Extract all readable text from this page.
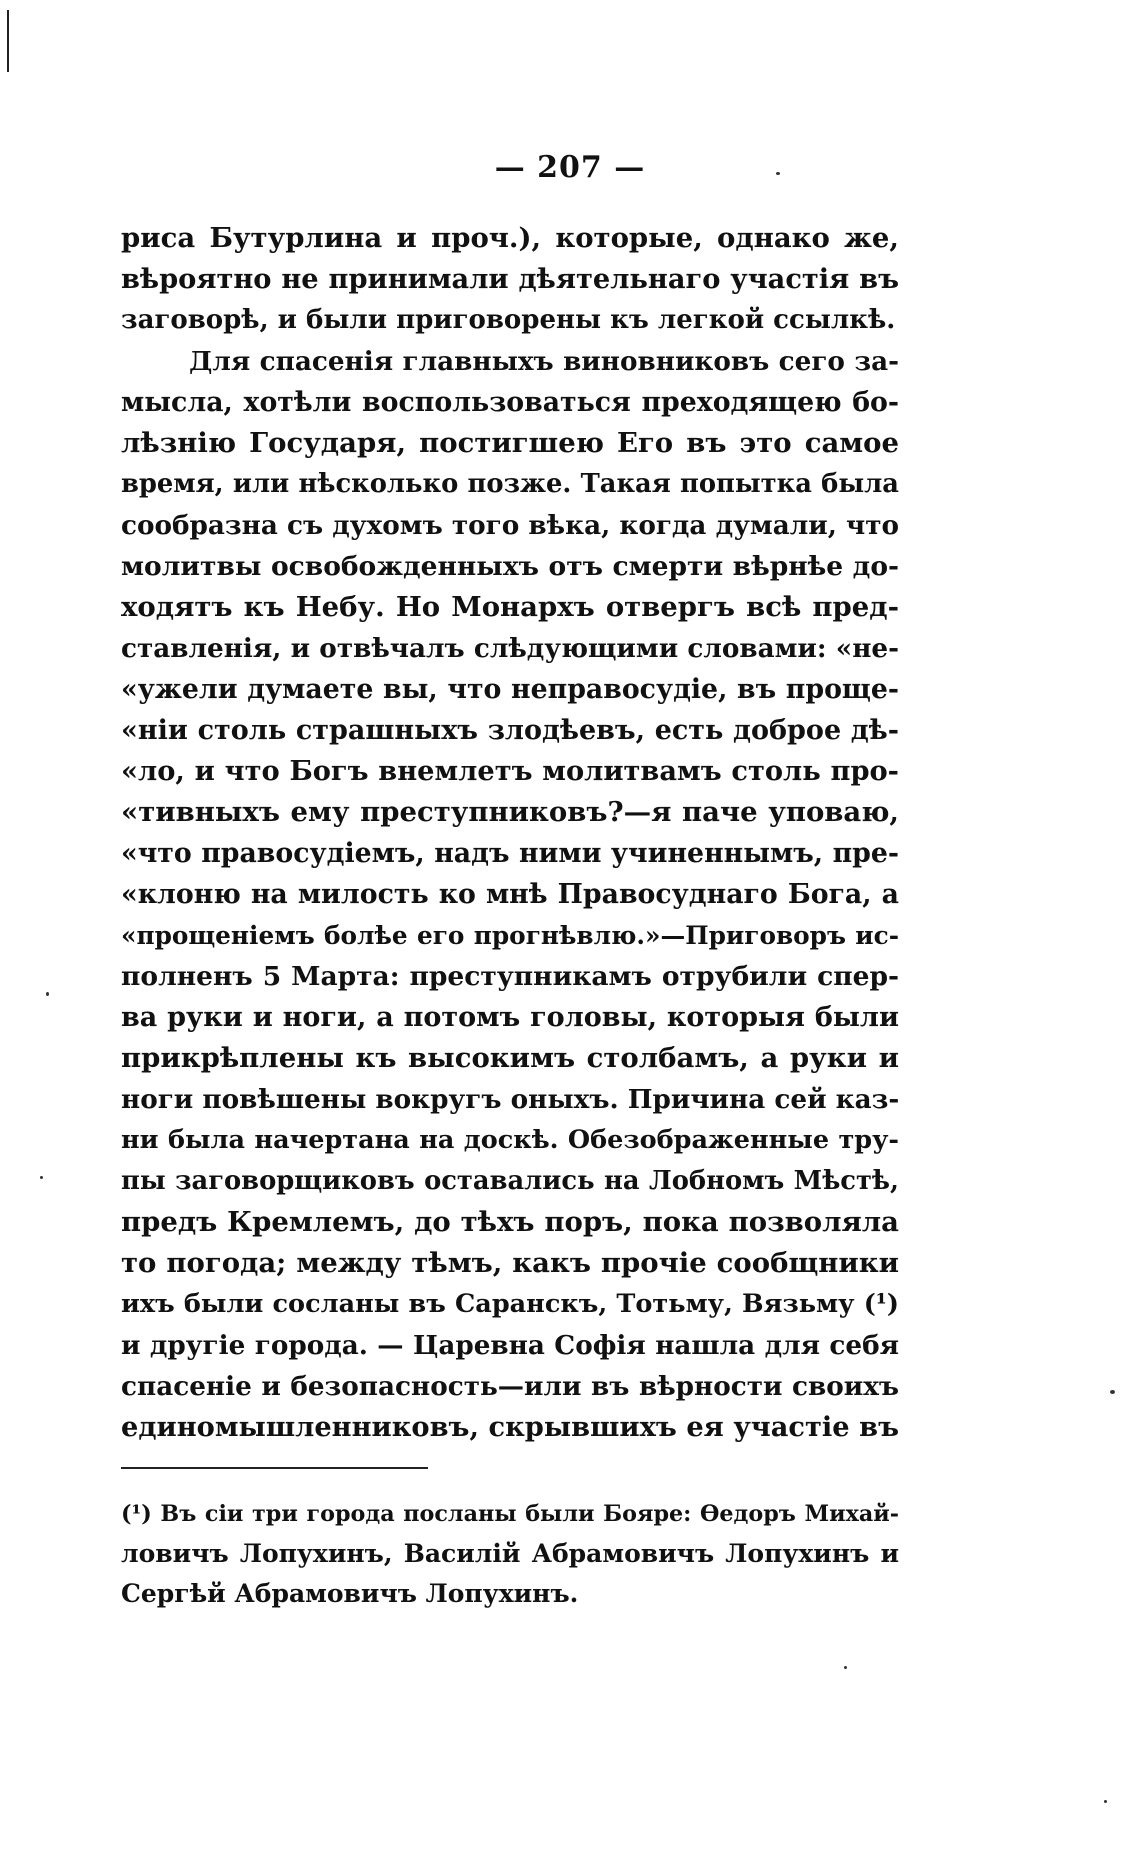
— 207 —
риса Бутурлина и проч.), которые, однако же,
вѣроятно не принимали дѣятельнаго участія въ
заговорѣ, и были приговорены къ легкой ссылкѣ.
Для спасенія главныхъ виновниковъ сего за-
мысла, хотѣли воспользоваться преходящею бо-
лѣзнію Государя, постигшею Его въ это самое
время, или нѣсколько позже. Такая попытка была
сообразна съ духомъ того вѣка, когда думали, что
молитвы освобожденныхъ отъ смерти вѣрнѣе до-
ходятъ къ Небу. Но Монархъ отвергъ всѣ пред-
ставленія, и отвѣчалъ слѣдующими словами: «не-
«ужели думаете вы, что неправосудіе, въ проще-
«ніи столь страшныхъ злодѣевъ, есть доброе дѣ-
«ло, и что Богъ внемлетъ молитвамъ столь про-
«тивныхъ ему преступниковъ?—я паче уповаю,
«что правосудіемъ, надъ ними учиненнымъ, пре-
«клоню на милость ко мнѣ Правосуднаго Бога, а
«прощеніемъ болѣе его прогнѣвлю.»—Приговоръ ис-
полненъ 5 Марта: преступникамъ отрубили спер-
ва руки и ноги, а потомъ головы, которыя были
прикрѣплены къ высокимъ столбамъ, а руки и
ноги повѣшены вокругъ оныхъ. Причина сей каз-
ни была начертана на доскѣ. Обезображенные тру-
пы заговорщиковъ оставались на Лобномъ Мѣстѣ,
предъ Кремлемъ, до тѣхъ поръ, пока позволяла
то погода; между тѣмъ, какъ прочіе сообщники
ихъ были сосланы въ Саранскъ, Тотьму, Вязьму (¹)
и другіе города. — Царевна Софія нашла для себя
спасеніе и безопасность—или въ вѣрности своихъ
единомышленниковъ, скрывшихъ ея участіе въ
(¹) Въ сіи три города посланы были Бояре: Ѳедоръ Михай-
ловичъ Лопухинъ, Василій Абрамовичъ Лопухинъ и
Сергѣй Абрамовичъ Лопухинъ.
